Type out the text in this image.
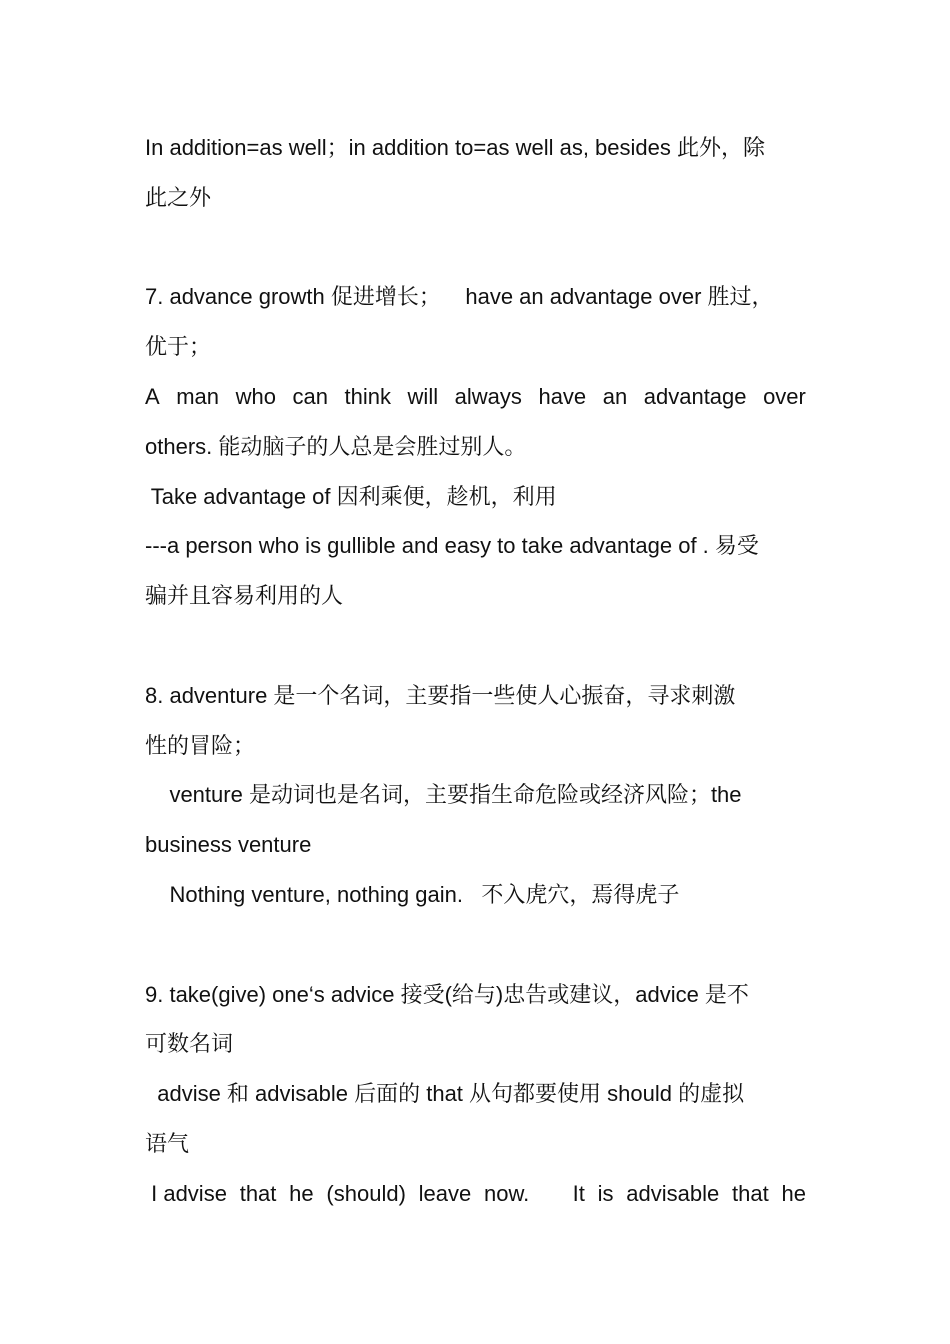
In addition=as well；in addition to=as well as, besides 此外，除
此之外
7. advance growth 促进增长；    have an advantage over 胜过，
优于；
A man who can think will always have an advantage over
others. 能动脑子的人总是会胜过别人。
Take advantage of 因利乘便，趁机，利用
---a person who is gullible and easy to take advantage of . 易受
骗并且容易利用的人
8. adventure 是一个名词，主要指一些使人心振奋，寻求刺激
性的冒险；
venture 是动词也是名词，主要指生命危险或经济风险；the
business venture
Nothing venture, nothing gain.   不入虎穴，焉得虎子
9. take(give) one‘s advice 接受(给与)忠告或建议，advice 是不
可数名词
advise 和 advisable 后面的 that 从句都要使用 should 的虚拟
语气
I advise that he (should) leave now. It is advisable that he
